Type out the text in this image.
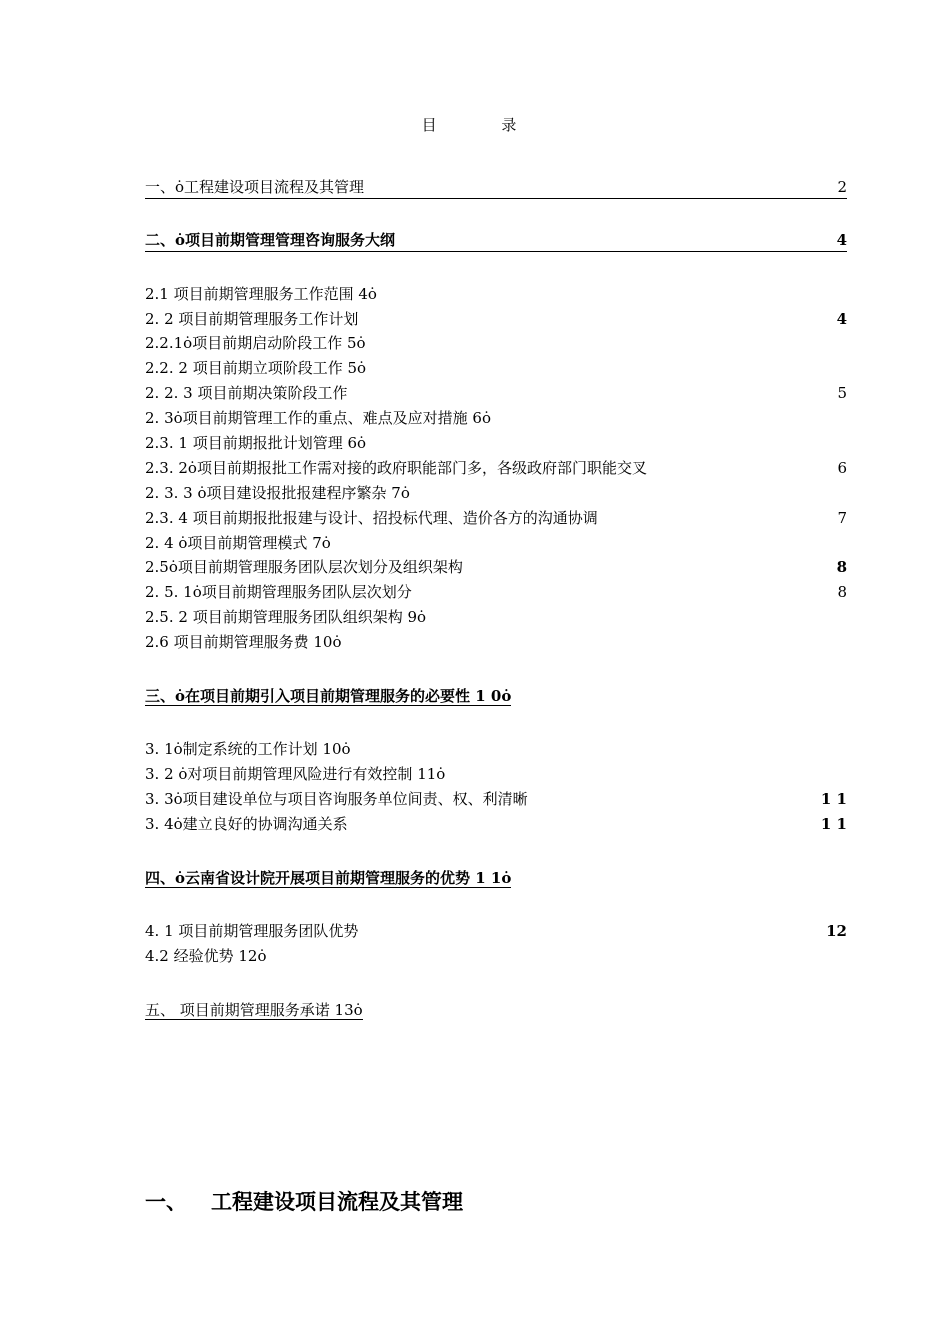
目 录
一、ȯ工程建设项目流程及其管理	2
二、ȯ项目前期管理管理咨询服务大纲	4
2.1 项目前期管理服务工作范围 4ȯ
2. 2 项目前期管理服务工作计划	4
2.2.1ȯ项目前期启动阶段工作 5ȯ
2.2. 2 项目前期立项阶段工作 5ȯ
2. 2. 3 项目前期决策阶段工作	5
2. 3ȯ项目前期管理工作的重点、难点及应对措施 6ȯ
2.3. 1 项目前期报批计划管理 6ȯ
2.3. 2ȯ项目前期报批工作需对接的政府职能部门多，各级政府部门职能交叉	6
2. 3. 3 ȯ项目建设报批报建程序繁杂 7ȯ
2.3. 4 项目前期报批报建与设计、招投标代理、造价各方的沟通协调	7
2. 4 ȯ项目前期管理模式 7ȯ
2.5ȯ项目前期管理服务团队层次划分及组织架构	8
2. 5. 1ȯ项目前期管理服务团队层次划分	8
2.5. 2 项目前期管理服务团队组织架构 9ȯ
2.6 项目前期管理服务费 10ȯ
三、ȯ在项目前期引入项目前期管理服务的必要性 1 0ȯ
3. 1ȯ制定系统的工作计划 10ȯ
3. 2 ȯ对项目前期管理风险进行有效控制 11ȯ
3. 3ȯ项目建设单位与项目咨询服务单位间责、权、利清晰	1 1
3. 4ȯ建立良好的协调沟通关系	1 1
四、ȯ云南省设计院开展项目前期管理服务的优势 1 1ȯ
4. 1 项目前期管理服务团队优势	12
4.2 经验优势 12ȯ
五、 项目前期管理服务承诺 13ȯ
一、 工程建设项目流程及其管理
